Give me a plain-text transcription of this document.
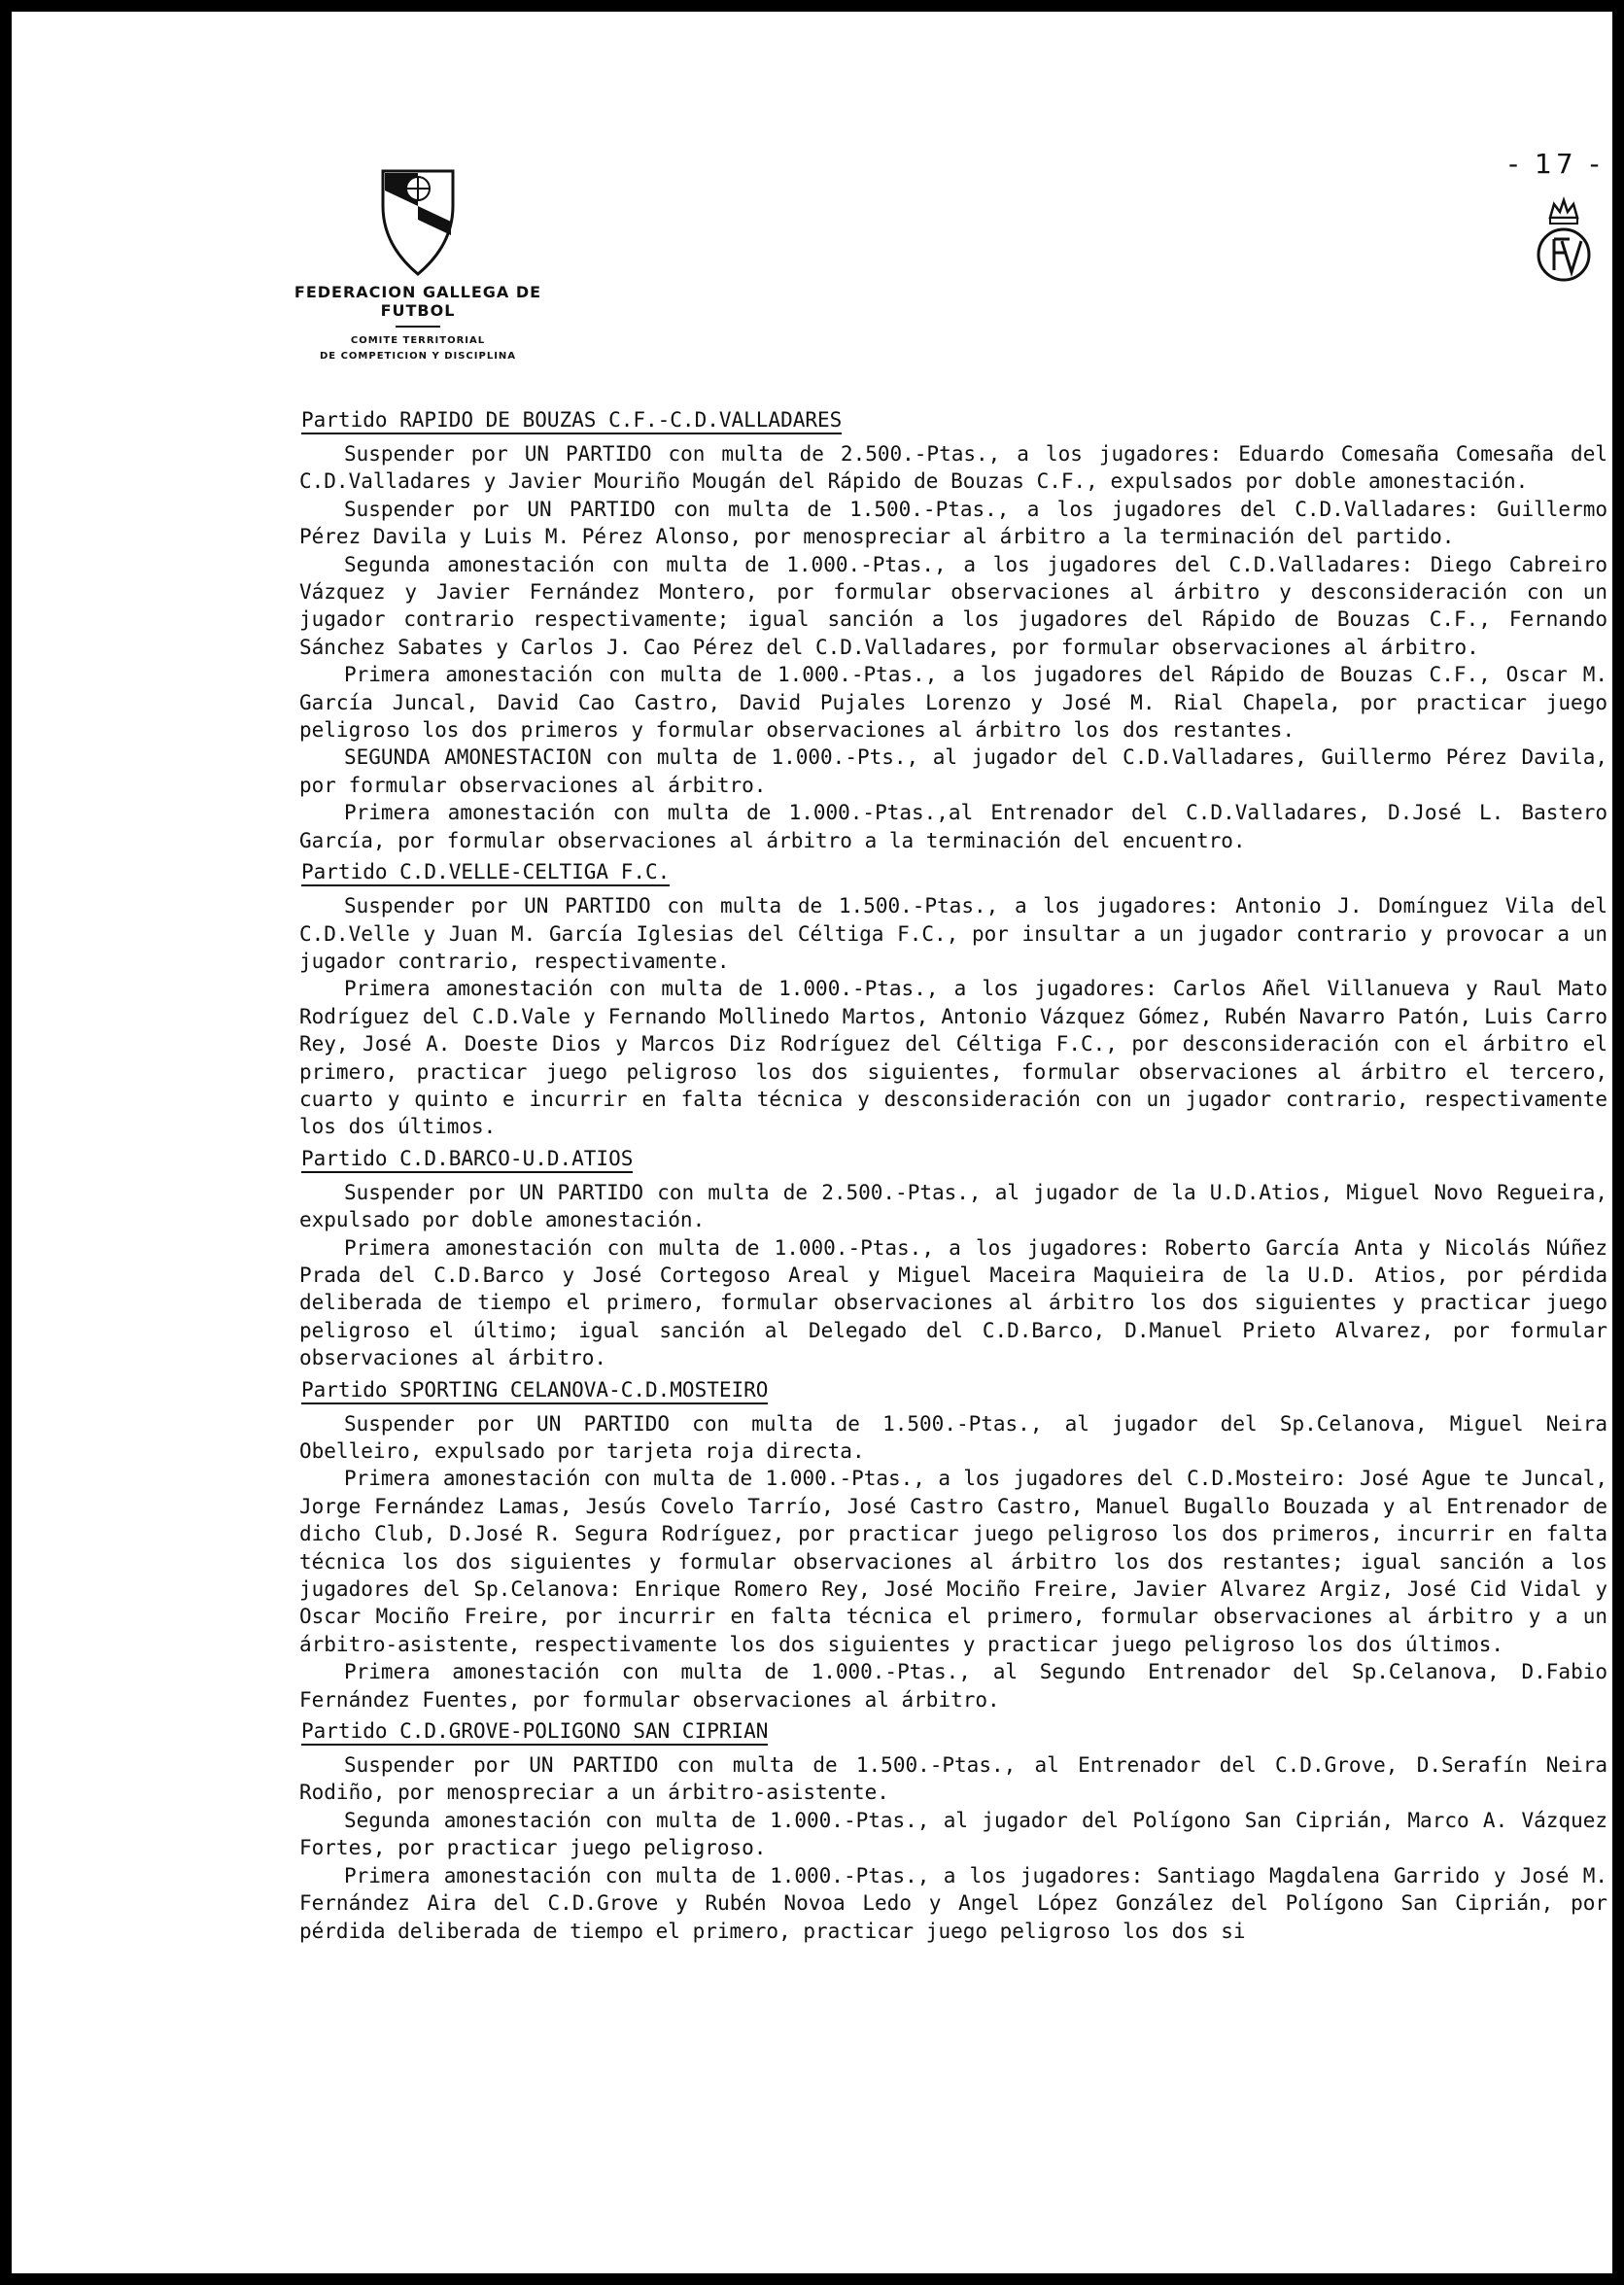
FEDERACION GALLEGA DE FUTBOL
COMITE TERRITORIAL
DE COMPETICION Y DISCIPLINA
- 17 -
Partido RAPIDO DE BOUZAS C.F.-C.D.VALLADARES

Suspender por UN PARTIDO con multa de 2.500.-Ptas., a los jugadores: Eduardo Comesaña Comesaña del C.D.Valladares y Javier Mouriño Mougán del Rápido de Bouzas C.F., expulsados por doble amonestación.

Suspender por UN PARTIDO con multa de 1.500.-Ptas., a los jugadores del C.D.Valladares: Guillermo Pérez Davila y Luis M. Pérez Alonso, por menospreciar al árbitro a la terminación del partido.

Segunda amonestación con multa de 1.000.-Ptas., a los jugadores del C.D.Valladares: Diego Cabreiro Vázquez y Javier Fernández Montero, por formular observaciones al árbitro y desconsideración con un jugador contrario respectivamente; igual sanción a los jugadores del Rápido de Bouzas C.F., Fernando Sánchez Sabates y Carlos J. Cao Pérez del C.D.Valladares, por formular observaciones al árbitro.

Primera amonestación con multa de 1.000.-Ptas., a los jugadores del Rápido de Bouzas C.F., Oscar M. García Juncal, David Cao Castro, David Pujales Lorenzo y José M. Rial Chapela, por practicar juego peligroso los dos primeros y formular observaciones al árbitro los dos restantes.

SEGUNDA AMONESTACION con multa de 1.000.-Pts., al jugador del C.D.Valladares, Guillermo Pérez Davila, por formular observaciones al árbitro.

Primera amonestación con multa de 1.000.-Ptas.,al Entrenador del C.D.Valladares, D.José L. Bastero García, por formular observaciones al árbitro a la terminación del encuentro.

Partido C.D.VELLE-CELTIGA F.C.

Suspender por UN PARTIDO con multa de 1.500.-Ptas., a los jugadores: Antonio J. Domínguez Vila del C.D.Velle y Juan M. García Iglesias del Céltiga F.C., por insultar a un jugador contrario y provocar a un jugador contrario, respectivamente.

Primera amonestación con multa de 1.000.-Ptas., a los jugadores: Carlos Añel Villanueva y Raul Mato Rodríguez del C.D.Vale y Fernando Mollinedo Martos, Antonio Vázquez Gómez, Rubén Navarro Patón, Luis Carro Rey, José A. Doeste Dios y Marcos Diz Rodríguez del Céltiga F.C., por desconsideración con el árbitro el primero, practicar juego peligroso los dos siguientes, formular observaciones al árbitro el tercero, cuarto y quinto e incurrir en falta técnica y desconsideración con un jugador contrario, respectivamente los dos últimos.

Partido C.D.BARCO-U.D.ATIOS

Suspender por UN PARTIDO con multa de 2.500.-Ptas., al jugador de la U.D.Atios, Miguel Novo Regueira, expulsado por doble amonestación.

Primera amonestación con multa de 1.000.-Ptas., a los jugadores: Roberto García Anta y Nicolás Núñez Prada del C.D.Barco y José Cortegoso Areal y Miguel Maceira Maquieira de la U.D. Atios, por pérdida deliberada de tiempo el primero, formular observaciones al árbitro los dos siguientes y practicar juego peligroso el último; igual sanción al Delegado del C.D.Barco, D.Manuel Prieto Alvarez, por formular observaciones al árbitro.

Partido SPORTING CELANOVA-C.D.MOSTEIRO

Suspender por UN PARTIDO con multa de 1.500.-Ptas., al jugador del Sp.Celanova, Miguel Neira Obelleiro, expulsado por tarjeta roja directa.

Primera amonestación con multa de 1.000.-Ptas., a los jugadores del C.D.Mosteiro: José Ague te Juncal, Jorge Fernández Lamas, Jesús Covelo Tarrío, José Castro Castro, Manuel Bugallo Bouzada y al Entrenador de dicho Club, D.José R. Segura Rodríguez, por practicar juego peligroso los dos primeros, incurrir en falta técnica los dos siguientes y formular observaciones al árbitro los dos restantes; igual sanción a los jugadores del Sp.Celanova: Enrique Romero Rey, José Mociño Freire, Javier Alvarez Argiz, José Cid Vidal y Oscar Mociño Freire, por incurrir en falta técnica el primero, formular observaciones al árbitro y a un árbitro-asistente, respectivamente los dos siguientes y practicar juego peligroso los dos últimos.

Primera amonestación con multa de 1.000.-Ptas., al Segundo Entrenador del Sp.Celanova, D.Fabio Fernández Fuentes, por formular observaciones al árbitro.

Partido C.D.GROVE-POLIGONO SAN CIPRIAN

Suspender por UN PARTIDO con multa de 1.500.-Ptas., al Entrenador del C.D.Grove, D.Serafín Neira Rodiño, por menospreciar a un árbitro-asistente.

Segunda amonestación con multa de 1.000.-Ptas., al jugador del Polígono San Ciprián, Marco A. Vázquez Fortes, por practicar juego peligroso.

Primera amonestación con multa de 1.000.-Ptas., a los jugadores: Santiago Magdalena Garrido y José M. Fernández Aira del C.D.Grove y Rubén Novoa Ledo y Angel López González del Polígono San Ciprián, por pérdida deliberada de tiempo el primero, practicar juego peligroso los dos si
